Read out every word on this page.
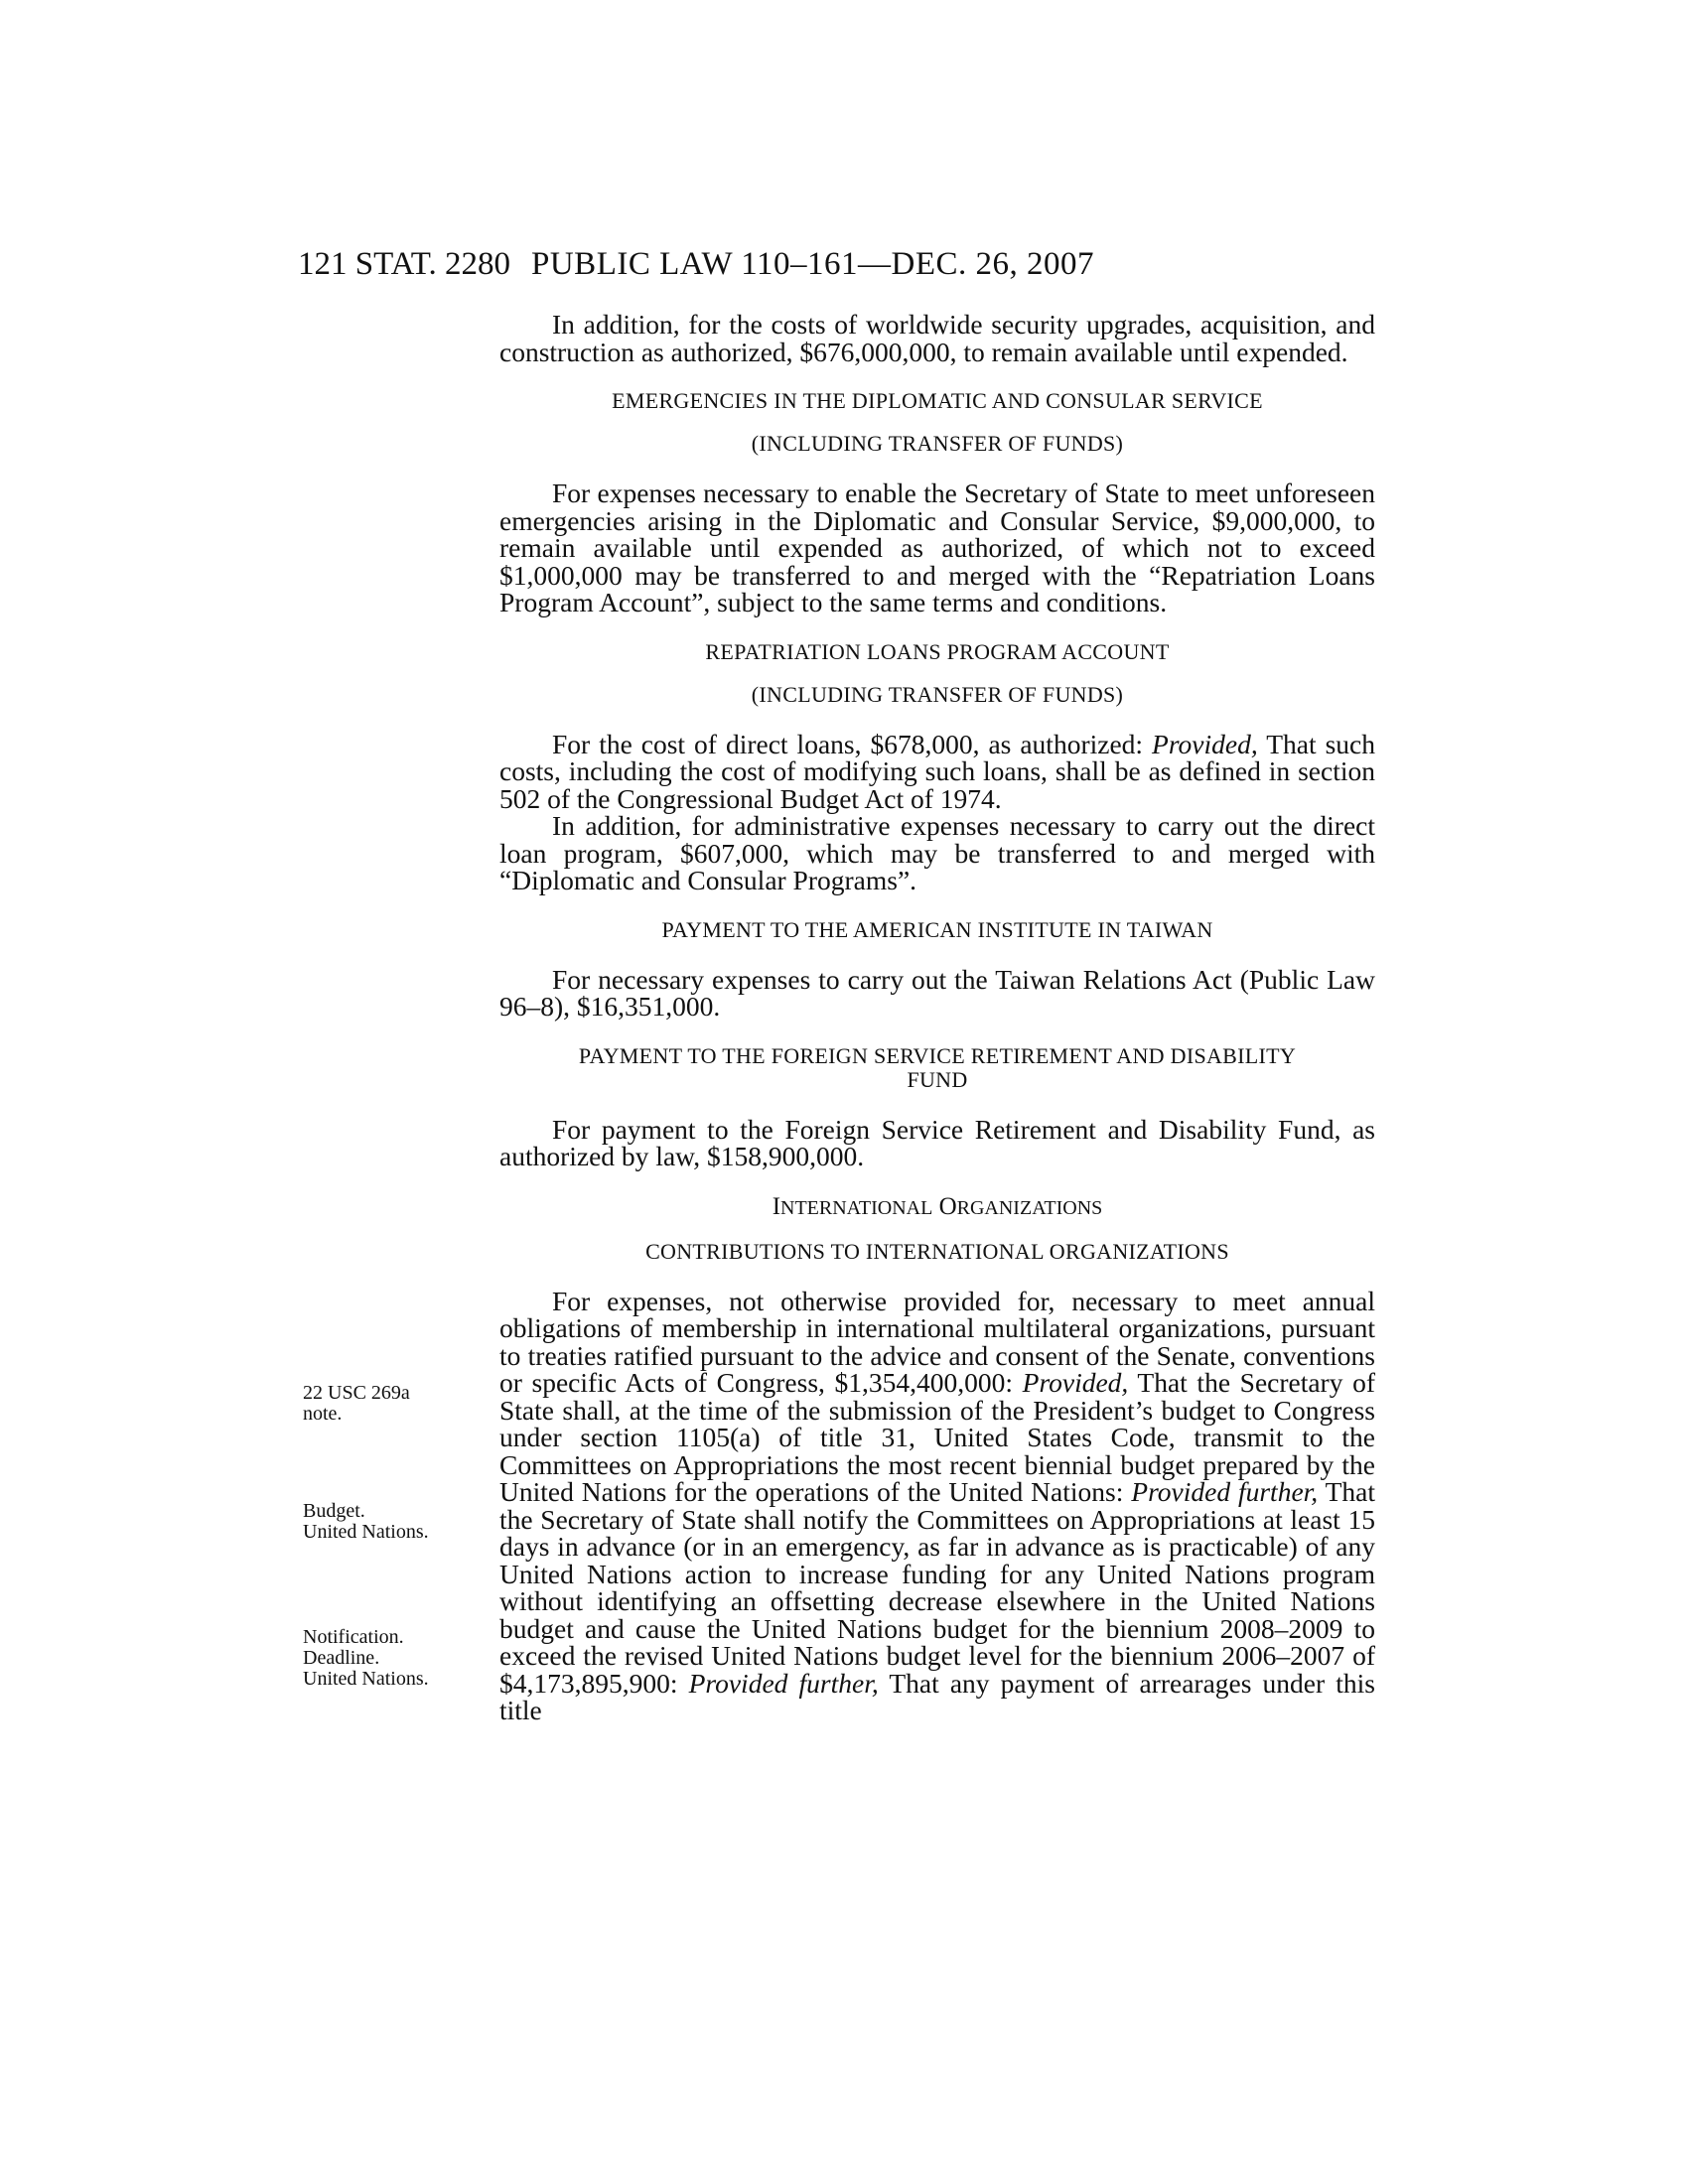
121 STAT. 2280 PUBLIC LAW 110–161—DEC. 26, 2007
22 USC 269a
note.
Budget.
United Nations.
Notification.
Deadline.
United Nations.

In addition, for the costs of worldwide security upgrades, acquisition, and construction as authorized, $676,000,000, to remain available until expended.

EMERGENCIES IN THE DIPLOMATIC AND CONSULAR SERVICE
(INCLUDING TRANSFER OF FUNDS)

For expenses necessary to enable the Secretary of State to meet unforeseen emergencies arising in the Diplomatic and Consular Service, $9,000,000, to remain available until expended as authorized, of which not to exceed $1,000,000 may be transferred to and merged with the “Repatriation Loans Program Account”, subject to the same terms and conditions.

REPATRIATION LOANS PROGRAM ACCOUNT
(INCLUDING TRANSFER OF FUNDS)

For the cost of direct loans, $678,000, as authorized: Provided, That such costs, including the cost of modifying such loans, shall be as defined in section 502 of the Congressional Budget Act of 1974.

In addition, for administrative expenses necessary to carry out the direct loan program, $607,000, which may be transferred to and merged with “Diplomatic and Consular Programs”.

PAYMENT TO THE AMERICAN INSTITUTE IN TAIWAN

For necessary expenses to carry out the Taiwan Relations Act (Public Law 96–8), $16,351,000.

PAYMENT TO THE FOREIGN SERVICE RETIREMENT AND DISABILITY
FUND

For payment to the Foreign Service Retirement and Disability Fund, as authorized by law, $158,900,000.

INTERNATIONAL ORGANIZATIONS
CONTRIBUTIONS TO INTERNATIONAL ORGANIZATIONS

For expenses, not otherwise provided for, necessary to meet annual obligations of membership in international multilateral organizations, pursuant to treaties ratified pursuant to the advice and consent of the Senate, conventions or specific Acts of Congress, $1,354,400,000: Provided, That the Secretary of State shall, at the time of the submission of the President’s budget to Congress under section 1105(a) of title 31, United States Code, transmit to the Committees on Appropriations the most recent biennial budget prepared by the United Nations for the operations of the United Nations: Provided further, That the Secretary of State shall notify the Committees on Appropriations at least 15 days in advance (or in an emergency, as far in advance as is practicable) of any United Nations action to increase funding for any United Nations program without identifying an offsetting decrease elsewhere in the United Nations budget and cause the United Nations budget for the biennium 2008–2009 to exceed the revised United Nations budget level for the biennium 2006–2007 of $4,173,895,900: Provided further, That any payment of arrearages under this title
